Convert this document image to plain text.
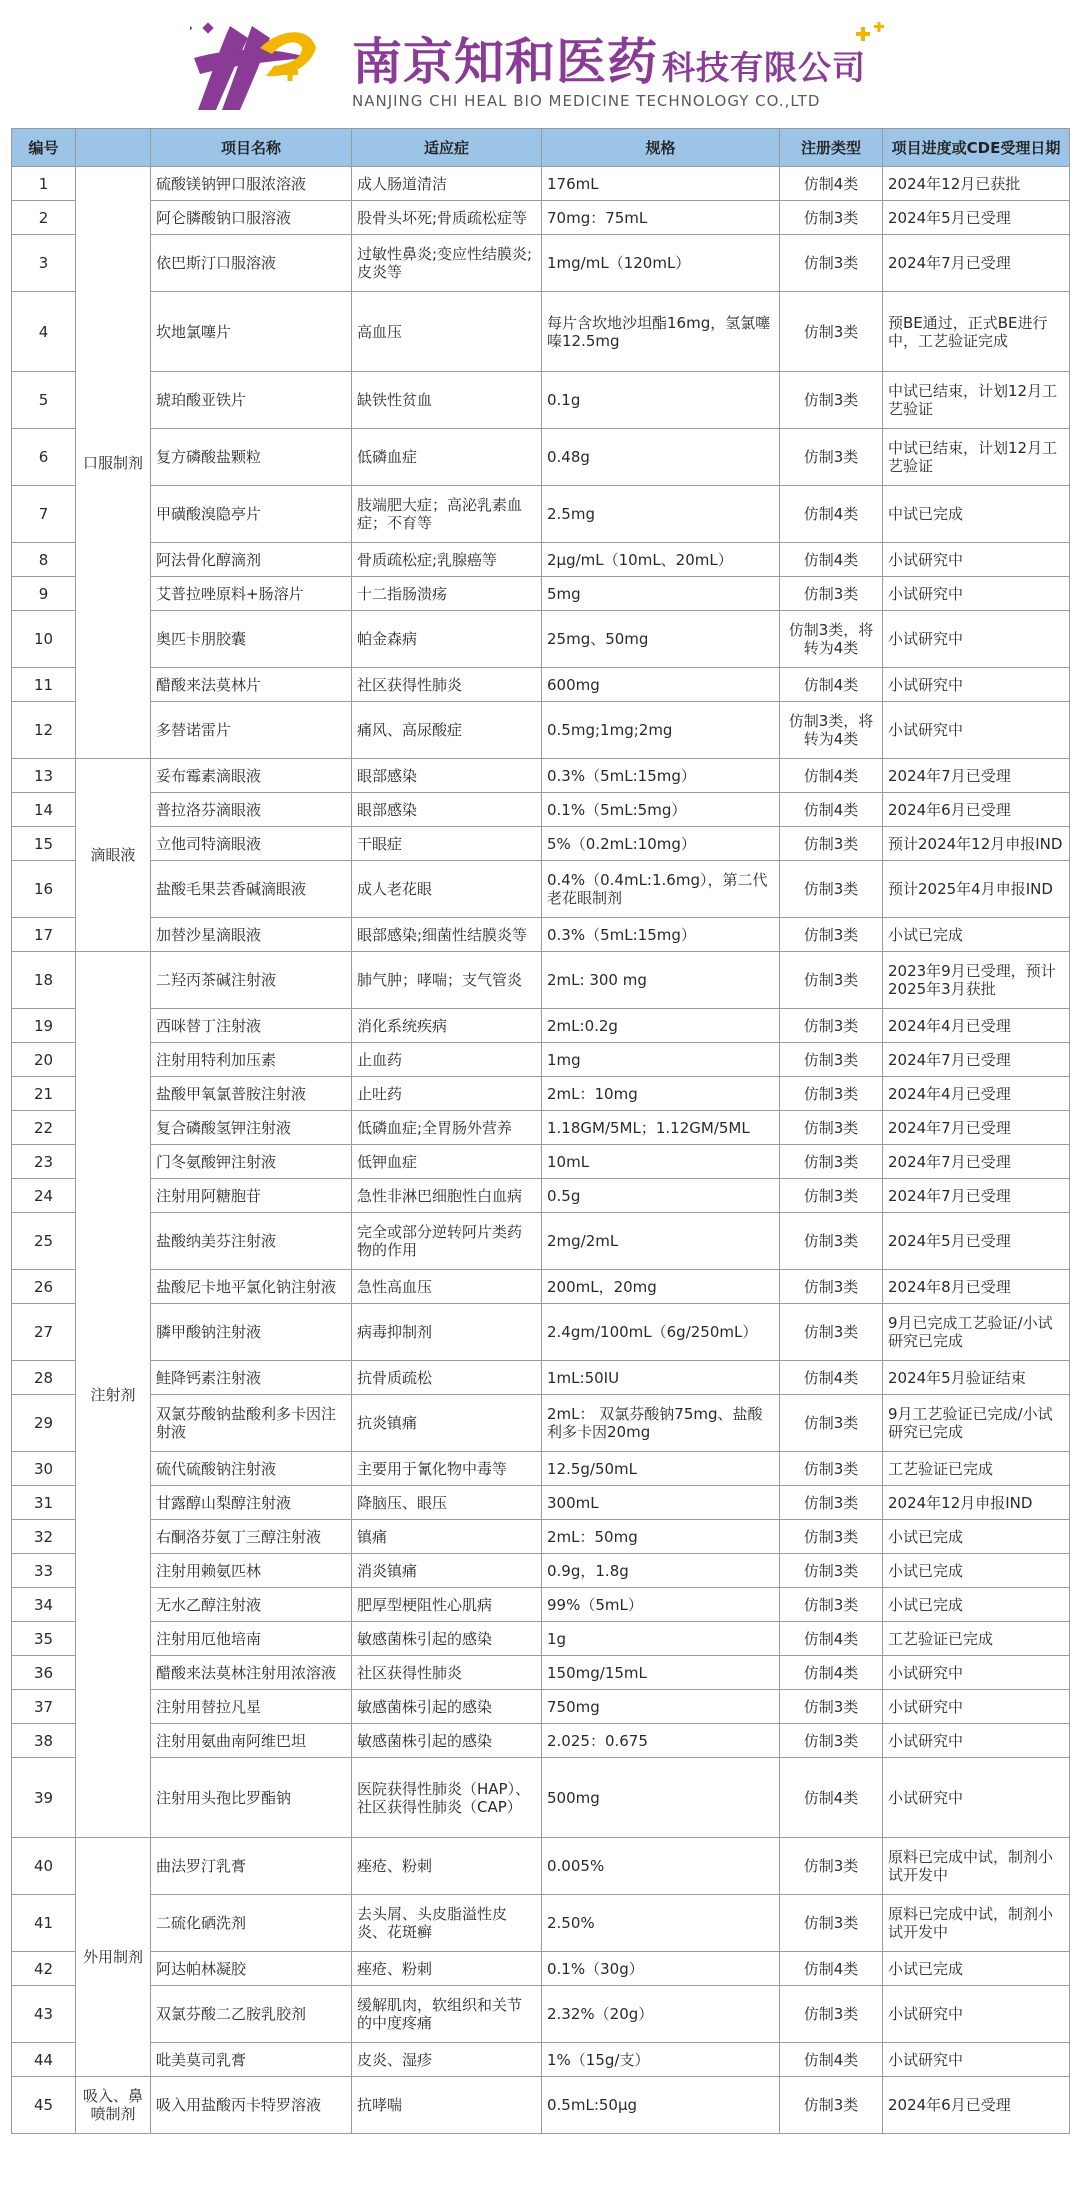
南京知和医药 科技有限公司
NANJING CHI HEAL BIO MEDICINE TECHNOLOGY CO.,LTD
编号		项目名称	适应症	规格	注册类型	项目进度或CDE受理日期
1	口服制剂	硫酸镁钠钾口服浓溶液	成人肠道清洁	176mL	仿制4类	2024年12月已获批
2		阿仑膦酸钠口服溶液	股骨头坏死;骨质疏松症等	70mg：75mL	仿制3类	2024年5月已受理
3		依巴斯汀口服溶液	过敏性鼻炎;变应性结膜炎;皮炎等	1mg/mL（120mL）	仿制3类	2024年7月已受理
4		坎地氯噻片	高血压	每片含坎地沙坦酯16mg，氢氯噻嗪12.5mg	仿制3类	预BE通过，正式BE进行中，工艺验证完成
5		琥珀酸亚铁片	缺铁性贫血	0.1g	仿制3类	中试已结束，计划12月工艺验证
6		复方磷酸盐颗粒	低磷血症	0.48g	仿制3类	中试已结束，计划12月工艺验证
7		甲磺酸溴隐亭片	肢端肥大症；高泌乳素血症；不育等	2.5mg	仿制4类	中试已完成
8		阿法骨化醇滴剂	骨质疏松症;乳腺癌等	2μg/mL（10mL、20mL）	仿制4类	小试研究中
9		艾普拉唑原料+肠溶片	十二指肠溃疡	5mg	仿制3类	小试研究中
10		奥匹卡朋胶囊	帕金森病	25mg、50mg	仿制3类，将转为4类	小试研究中
11		醋酸来法莫林片	社区获得性肺炎	600mg	仿制4类	小试研究中
12		多替诺雷片	痛风、高尿酸症	0.5mg;1mg;2mg	仿制3类，将转为4类	小试研究中
13	滴眼液	妥布霉素滴眼液	眼部感染	0.3%（5mL:15mg）	仿制4类	2024年7月已受理
14		普拉洛芬滴眼液	眼部感染	0.1%（5mL:5mg）	仿制4类	2024年6月已受理
15		立他司特滴眼液	干眼症	5%（0.2mL:10mg）	仿制3类	预计2024年12月申报IND
16		盐酸毛果芸香碱滴眼液	成人老花眼	0.4%（0.4mL:1.6mg），第二代老花眼制剂	仿制3类	预计2025年4月申报IND
17		加替沙星滴眼液	眼部感染;细菌性结膜炎等	0.3%（5mL:15mg）	仿制3类	小试已完成
18	注射剂	二羟丙茶碱注射液	肺气肿；哮喘；支气管炎	2mL: 300 mg	仿制3类	2023年9月已受理，预计2025年3月获批
19		西咪替丁注射液	消化系统疾病	2mL:0.2g	仿制3类	2024年4月已受理
20		注射用特利加压素	止血药	1mg	仿制3类	2024年7月已受理
21		盐酸甲氧氯普胺注射液	止吐药	2mL：10mg	仿制3类	2024年4月已受理
22		复合磷酸氢钾注射液	低磷血症;全胃肠外营养	1.18GM/5ML；1.12GM/5ML	仿制3类	2024年7月已受理
23		门冬氨酸钾注射液	低钾血症	10mL	仿制3类	2024年7月已受理
24		注射用阿糖胞苷	急性非淋巴细胞性白血病	0.5g	仿制3类	2024年7月已受理
25		盐酸纳美芬注射液	完全或部分逆转阿片类药物的作用	2mg/2mL	仿制3类	2024年5月已受理
26		盐酸尼卡地平氯化钠注射液	急性高血压	200mL，20mg	仿制3类	2024年8月已受理
27		膦甲酸钠注射液	病毒抑制剂	2.4gm/100mL（6g/250mL）	仿制3类	9月已完成工艺验证/小试研究已完成
28		鲑降钙素注射液	抗骨质疏松	1mL:50IU	仿制4类	2024年5月验证结束
29		双氯芬酸钠盐酸利多卡因注射液	抗炎镇痛	2mL： 双氯芬酸钠75mg、盐酸利多卡因20mg	仿制3类	9月工艺验证已完成/小试研究已完成
30		硫代硫酸钠注射液	主要用于氰化物中毒等	12.5g/50mL	仿制3类	工艺验证已完成
31		甘露醇山梨醇注射液	降脑压、眼压	300mL	仿制3类	2024年12月申报IND
32		右酮洛芬氨丁三醇注射液	镇痛	2mL：50mg	仿制3类	小试已完成
33		注射用赖氨匹林	消炎镇痛	0.9g，1.8g	仿制3类	小试已完成
34		无水乙醇注射液	肥厚型梗阻性心肌病	99%（5mL）	仿制3类	小试已完成
35		注射用厄他培南	敏感菌株引起的感染	1g	仿制4类	工艺验证已完成
36		醋酸来法莫林注射用浓溶液	社区获得性肺炎	150mg/15mL	仿制4类	小试研究中
37		注射用替拉凡星	敏感菌株引起的感染	750mg	仿制3类	小试研究中
38		注射用氨曲南阿维巴坦	敏感菌株引起的感染	2.025：0.675	仿制3类	小试研究中
39		注射用头孢比罗酯钠	医院获得性肺炎（HAP）、社区获得性肺炎（CAP）	500mg	仿制4类	小试研究中
40	外用制剂	曲法罗汀乳膏	痤疮、粉刺	0.005%	仿制3类	原料已完成中试，制剂小试开发中
41		二硫化硒洗剂	去头屑、头皮脂溢性皮炎、花斑癣	2.50%	仿制3类	原料已完成中试，制剂小试开发中
42		阿达帕林凝胶	痤疮、粉刺	0.1%（30g）	仿制4类	小试已完成
43		双氯芬酸二乙胺乳胶剂	缓解肌肉，软组织和关节的中度疼痛	2.32%（20g）	仿制3类	小试研究中
44		吡美莫司乳膏	皮炎、湿疹	1%（15g/支）	仿制4类	小试研究中
45	吸入、鼻喷制剂	吸入用盐酸丙卡特罗溶液	抗哮喘	0.5mL:50μg	仿制3类	2024年6月已受理
